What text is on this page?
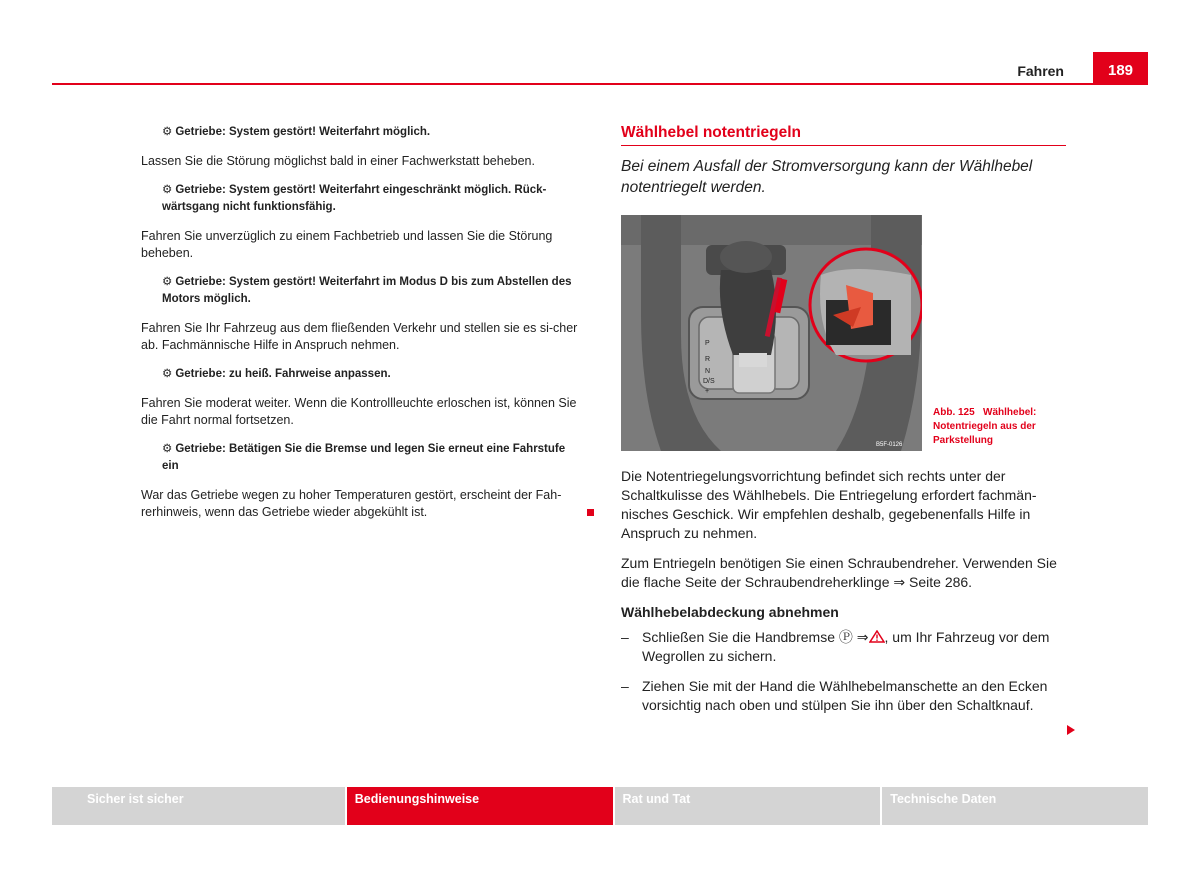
Fahren	189

⚙ Getriebe: System gestört! Weiterfahrt möglich.

Lassen Sie die Störung möglichst bald in einer Fachwerkstatt beheben.

⚙ Getriebe: System gestört! Weiterfahrt eingeschränkt möglich. Rück-wärtsgang nicht funktionsfähig.

Fahren Sie unverzüglich zu einem Fachbetrieb und lassen Sie die Störung beheben.

⚙ Getriebe: System gestört! Weiterfahrt im Modus D bis zum Abstellen des Motors möglich.

Fahren Sie Ihr Fahrzeug aus dem fließenden Verkehr und stellen sie es si-cher ab. Fachmännische Hilfe in Anspruch nehmen.

⚙ Getriebe: zu heiß. Fahrweise anpassen.

Fahren Sie moderat weiter. Wenn die Kontrollleuchte erloschen ist, können Sie die Fahrt normal fortsetzen.

⚙ Getriebe: Betätigen Sie die Bremse und legen Sie erneut eine Fahrstufe ein

War das Getriebe wegen zu hoher Temperaturen gestört, erscheint der Fah-rerhinweis, wenn das Getriebe wieder abgekühlt ist.

Wählhebel notentriegeln

Bei einem Ausfall der Stromversorgung kann der Wählhebel notentriegelt werden.

P
R
N
D/S
+
B5F-0126
Abb. 125 Wählhebel: Notentriegeln aus der Parkstellung

Die Notentriegelungsvorrichtung befindet sich rechts unter der Schaltkulisse des Wählhebels. Die Entriegelung erfordert fachmän-nisches Geschick. Wir empfehlen deshalb, gegebenenfalls Hilfe in Anspruch zu nehmen.

Zum Entriegeln benötigen Sie einen Schraubendreher. Verwenden Sie die flache Seite der Schraubendreherklinge ⇒ Seite 286.

Wählhebelabdeckung abnehmen
– Schließen Sie die Handbremse Ⓟ ⇒ , um Ihr Fahrzeug vor dem Wegrollen zu sichern.
– Ziehen Sie mit der Hand die Wählhebelmanschette an den Ecken vorsichtig nach oben und stülpen Sie ihn über den Schaltknauf.
Sicher ist sicher	Bedienungshinweise	Rat und Tat	Technische Daten
